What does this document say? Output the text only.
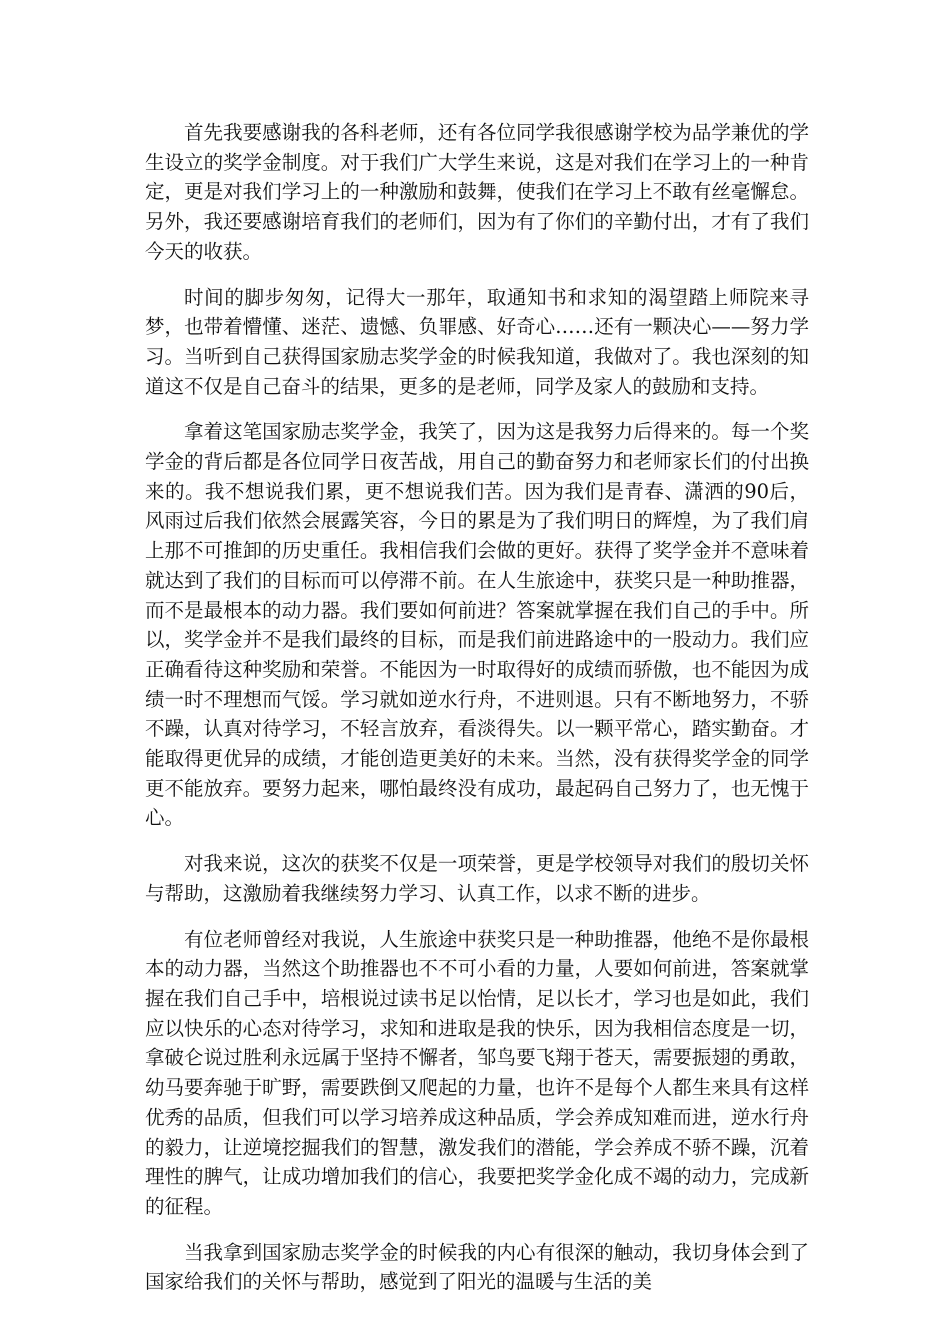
首先我要感谢我的各科老师，还有各位同学我很感谢学校为品学兼优的学生设立的奖学金制度。对于我们广大学生来说，这是对我们在学习上的一种肯定，更是对我们学习上的一种激励和鼓舞，使我们在学习上不敢有丝毫懈怠。另外，我还要感谢培育我们的老师们，因为有了你们的辛勤付出，才有了我们今天的收获。

时间的脚步匆匆，记得大一那年，取通知书和求知的渴望踏上师院来寻梦，也带着懵懂、迷茫、遗憾、负罪感、好奇心……还有一颗决心——努力学习。当听到自己获得国家励志奖学金的时候我知道，我做对了。我也深刻的知道这不仅是自己奋斗的结果，更多的是老师，同学及家人的鼓励和支持。

拿着这笔国家励志奖学金，我笑了，因为这是我努力后得来的。每一个奖学金的背后都是各位同学日夜苦战，用自己的勤奋努力和老师家长们的付出换来的。我不想说我们累，更不想说我们苦。因为我们是青春、潇洒的90后，风雨过后我们依然会展露笑容，今日的累是为了我们明日的辉煌，为了我们肩上那不可推卸的历史重任。我相信我们会做的更好。获得了奖学金并不意味着就达到了我们的目标而可以停滞不前。在人生旅途中，获奖只是一种助推器，而不是最根本的动力器。我们要如何前进？答案就掌握在我们自己的手中。所以，奖学金并不是我们最终的目标，而是我们前进路途中的一股动力。我们应正确看待这种奖励和荣誉。不能因为一时取得好的成绩而骄傲，也不能因为成绩一时不理想而气馁。学习就如逆水行舟，不进则退。只有不断地努力，不骄不躁，认真对待学习，不轻言放弃，看淡得失。以一颗平常心，踏实勤奋。才能取得更优异的成绩，才能创造更美好的未来。当然，没有获得奖学金的同学更不能放弃。要努力起来，哪怕最终没有成功，最起码自己努力了，也无愧于心。

对我来说，这次的获奖不仅是一项荣誉，更是学校领导对我们的殷切关怀与帮助，这激励着我继续努力学习、认真工作，以求不断的进步。

有位老师曾经对我说，人生旅途中获奖只是一种助推器，他绝不是你最根本的动力器，当然这个助推器也不不可小看的力量，人要如何前进，答案就掌握在我们自己手中，培根说过读书足以怡情，足以长才，学习也是如此，我们应以快乐的心态对待学习，求知和进取是我的快乐，因为我相信态度是一切，拿破仑说过胜利永远属于坚持不懈者，邹鸟要飞翔于苍天，需要振翅的勇敢，幼马要奔驰于旷野，需要跌倒又爬起的力量，也许不是每个人都生来具有这样优秀的品质，但我们可以学习培养成这种品质，学会养成知难而进，逆水行舟的毅力，让逆境挖掘我们的智慧，激发我们的潜能，学会养成不骄不躁，沉着理性的脾气，让成功增加我们的信心，我要把奖学金化成不竭的动力，完成新的征程。

当我拿到国家励志奖学金的时候我的内心有很深的触动，我切身体会到了国家给我们的关怀与帮助，感觉到了阳光的温暖与生活的美
